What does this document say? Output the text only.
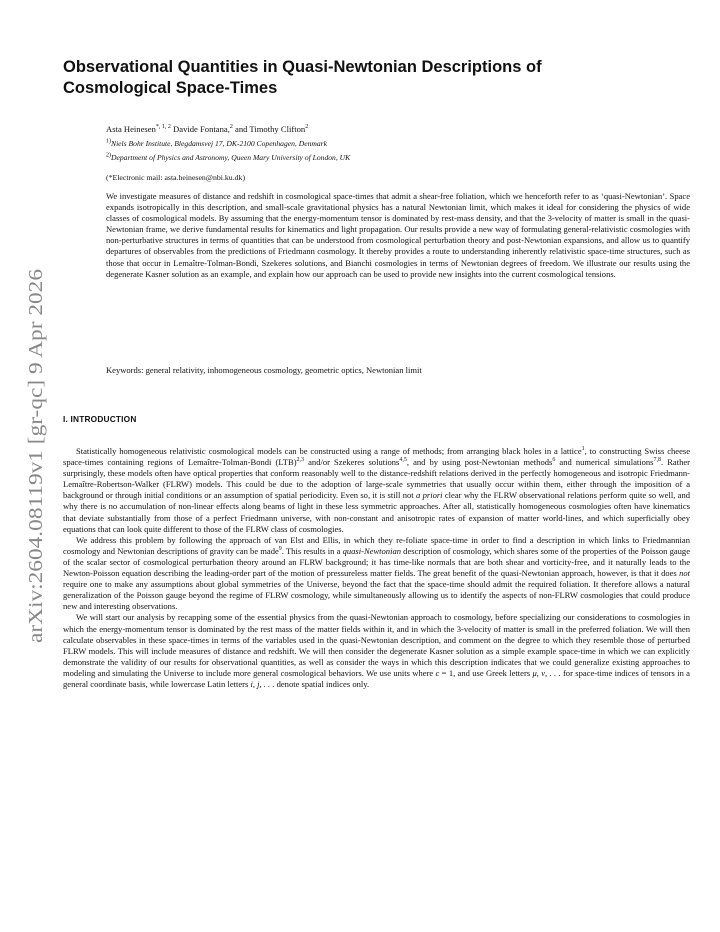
arXiv:2604.08119v1 [gr-qc] 9 Apr 2026
Observational Quantities in Quasi-Newtonian Descriptions of Cosmological Space-Times
Asta Heinesen$^{*, 1, 2}$ Davide Fontana,$^2$ and Timothy Clifton$^2$
$^{1)}$Niels Bohr Institute, Blegdamsvej 17, DK-2100 Copenhagen, Denmark
$^{2)}$Department of Physics and Astronomy, Queen Mary University of London, UK
(*Electronic mail: asta.heinesen@nbi.ku.dk)

We investigate measures of distance and redshift in cosmological space-times that admit a shear-free foliation, which we henceforth refer to as ‘quasi-Newtonian’. Space expands isotropically in this description, and small-scale gravitational physics has a natural Newtonian limit, which makes it ideal for considering the physics of wide classes of cosmological models. By assuming that the energy-momentum tensor is dominated by rest-mass density, and that the 3-velocity of matter is small in the quasi-Newtonian frame, we derive fundamental results for kinematics and light propagation. Our results provide a new way of formulating general-relativistic cosmologies with non-perturbative structures in terms of quantities that can be understood from cosmological perturbation theory and post-Newtonian expansions, and allow us to quantify departures of observables from the predictions of Friedmann cosmology. It thereby provides a route to understanding inherently relativistic space-time structures, such as those that occur in Lemaître-Tolman-Bondi, Szekeres solutions, and Bianchi cosmologies in terms of Newtonian degrees of freedom. We illustrate our results using the degenerate Kasner solution as an example, and explain how our approach can be used to provide new insights into the current cosmological tensions.

Keywords: general relativity, inhomogeneous cosmology, geometric optics, Newtonian limit
I. INTRODUCTION

Statistically homogeneous relativistic cosmological models can be constructed using a range of methods; from arranging black holes in a lattice$^1$, to constructing Swiss cheese space-times containing regions of Lemaître-Tolman-Bondi (LTB)$^{2,3}$ and/or Szekeres solutions$^{4,5}$, and by using post-Newtonian methods$^6$ and numerical simulations$^{7,8}$. Rather surprisingly, these models often have optical properties that conform reasonably well to the distance-redshift relations derived in the perfectly homogeneous and isotropic Friedmann-Lemaître-Robertson-Walker (FLRW) models. This could be due to the adoption of large-scale symmetries that usually occur within them, either through the imposition of a background or through initial conditions or an assumption of spatial periodicity. Even so, it is still not a priori clear why the FLRW observational relations perform quite so well, and why there is no accumulation of non-linear effects along beams of light in these less symmetric approaches. After all, statistically homogeneous cosmologies often have kinematics that deviate substantially from those of a perfect Friedmann universe, with non-constant and anisotropic rates of expansion of matter world-lines, and which superficially obey equations that can look quite different to those of the FLRW class of cosmologies.

We address this problem by following the approach of van Elst and Ellis, in which they re-foliate space-time in order to find a description in which links to Friedmannian cosmology and Newtonian descriptions of gravity can be made$^9$. This results in a quasi-Newtonian description of cosmology, which shares some of the properties of the Poisson gauge of the scalar sector of cosmological perturbation theory around an FLRW background; it has time-like normals that are both shear and vorticity-free, and it naturally leads to the Newton-Poisson equation describing the leading-order part of the motion of pressureless matter fields. The great benefit of the quasi-Newtonian approach, however, is that it does not require one to make any assumptions about global symmetries of the Universe, beyond the fact that the space-time should admit the required foliation. It therefore allows a natural generalization of the Poisson gauge beyond the regime of FLRW cosmology, while simultaneously allowing us to identify the aspects of non-FLRW cosmologies that could produce new and interesting observations.

We will start our analysis by recapping some of the essential physics from the quasi-Newtonian approach to cosmology, before specializing our considerations to cosmologies in which the energy-momentum tensor is dominated by the rest mass of the matter fields within it, and in which the 3-velocity of matter is small in the preferred foliation. We will then calculate observables in these space-times in terms of the variables used in the quasi-Newtonian description, and comment on the degree to which they resemble those of perturbed FLRW models. This will include measures of distance and redshift. We will then consider the degenerate Kasner solution as a simple example space-time in which we can explicitly demonstrate the validity of our results for observational quantities, as well as consider the ways in which this description indicates that we could generalize existing approaches to modeling and simulating the Universe to include more general cosmological behaviors. We use units where c = 1, and use Greek letters μ, ν, . . . for space-time indices of tensors in a general coordinate basis, while lowercase Latin letters i, j, . . . denote spatial indices only.
